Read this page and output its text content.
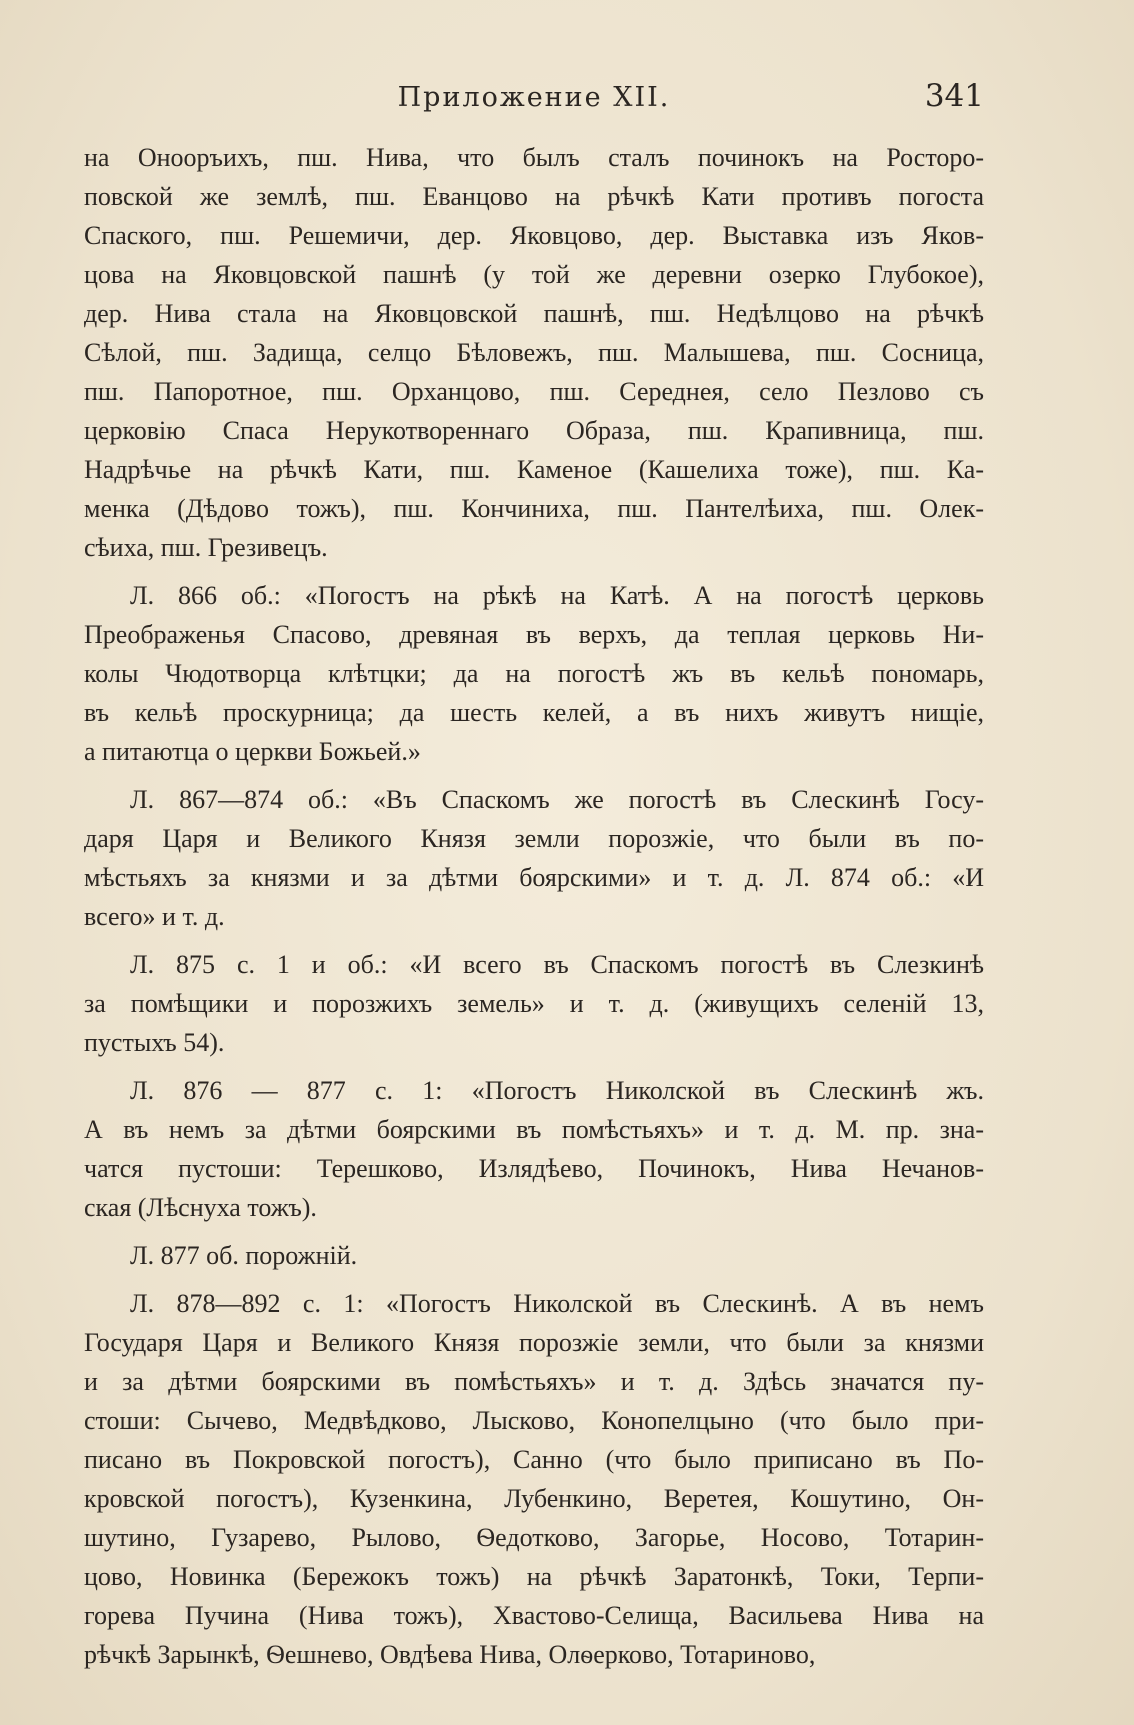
Приложение XII.	341
на Онооръихъ, пш. Нива, что былъ сталъ починокъ на Росторо-
повской же землѣ, пш. Еванцово на рѣчкѣ Кати противъ погоста
Спаского, пш. Решемичи, дер. Яковцово, дер. Выставка изъ Яков-
цова на Яковцовской пашнѣ (у той же деревни озерко Глубокое),
дер. Нива стала на Яковцовской пашнѣ, пш. Недѣлцово на рѣчкѣ
Сѣлой, пш. Задища, селцо Бѣловежъ, пш. Малышева, пш. Сосница,
пш. Папоротное, пш. Орханцово, пш. Середнея, село Пезлово съ
церковію Спаса Нерукотвореннаго Образа, пш. Крапивница, пш.
Надрѣчье на рѣчкѣ Кати, пш. Каменое (Кашелиха тоже), пш. Ка-
менка (Дѣдово тожъ), пш. Кончиниха, пш. Пантелѣиха, пш. Олек-
сѣиха, пш. Грезивецъ.
Л. 866 об.: «Погостъ на рѣкѣ на Катѣ. А на погостѣ церковь
Преображенья Спасово, древяная въ верхъ, да теплая церковь Ни-
колы Чюдотворца клѣтцки; да на погостѣ жъ въ кельѣ пономарь,
въ кельѣ проскурница; да шесть келей, а въ нихъ живутъ нищіе,
а питаютца о церкви Божьей.»
Л. 867—874 об.: «Въ Спаскомъ же погостѣ въ Слескинѣ Госу-
даря Царя и Великого Князя земли порозжіе, что были въ по-
мѣстьяхъ за князми и за дѣтми боярскими» и т. д. Л. 874 об.: «И
всего» и т. д.
Л. 875 с. 1 и об.: «И всего въ Спаскомъ погостѣ въ Слезкинѣ
за помѣщики и порозжихъ земель» и т. д. (живущихъ селеній 13,
пустыхъ 54).
Л. 876 — 877 с. 1: «Погостъ Николской въ Слескинѣ жъ.
А въ немъ за дѣтми боярскими въ помѣстьяхъ» и т. д. М. пр. зна-
чатся пустоши: Терешково, Излядѣево, Починокъ, Нива Нечанов-
ская (Лѣснуха тожъ).
Л. 877 об. порожній.
Л. 878—892 с. 1: «Погостъ Николской въ Слескинѣ. А въ немъ
Государя Царя и Великого Князя порозжіе земли, что были за князми
и за дѣтми боярскими въ помѣстьяхъ» и т. д. Здѣсь значатся пу-
стоши: Сычево, Медвѣдково, Лысково, Конопелцыно (что было при-
писано въ Покровской погостъ), Санно (что было приписано въ По-
кровской погостъ), Кузенкина, Лубенкино, Веретея, Кошутино, Он-
шутино, Гузарево, Рылово, Ѳедотково, Загорье, Носово, Тотарин-
цово, Новинка (Бережокъ тожъ) на рѣчкѣ Заратонкѣ, Токи, Терпи-
горева Пучина (Нива тожъ), Хвастово-Селища, Васильева Нива на
рѣчкѣ Зарынкѣ, Ѳешнево, Овдѣева Нива, Олѳерково, Тотариново,
